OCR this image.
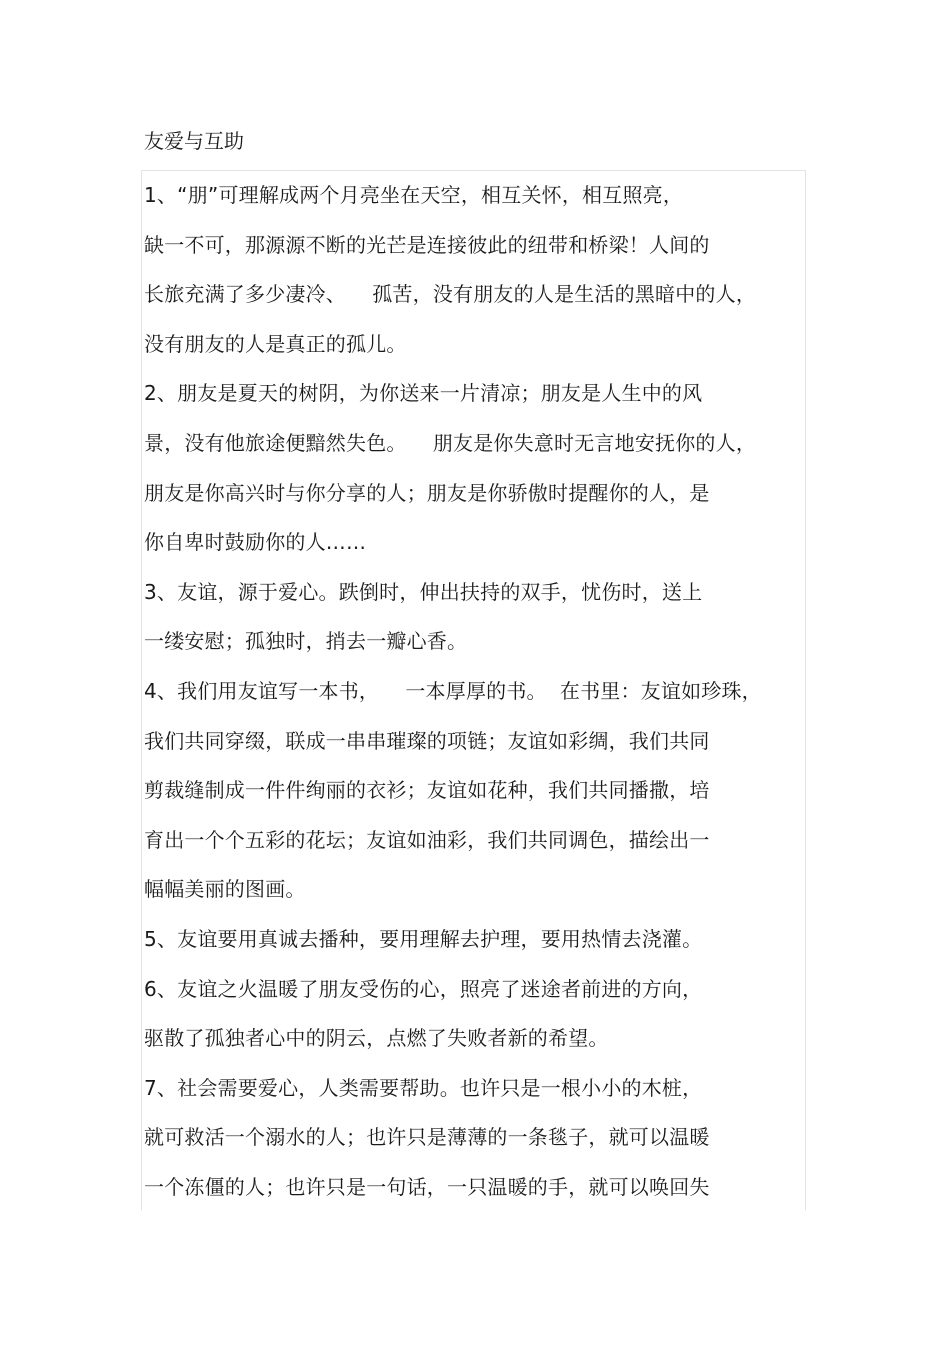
友爱与互助
1、“朋”可理解成两个月亮坐在天空，相互关怀，相互照亮，
缺一不可，那源源不断的光芒是连接彼此的纽带和桥梁！人间的
长旅充满了多少凄冷、    孤苦，没有朋友的人是生活的黑暗中的人，
没有朋友的人是真正的孤儿。
2、朋友是夏天的树阴，为你送来一片清凉；朋友是人生中的风
景，没有他旅途便黯然失色。    朋友是你失意时无言地安抚你的人，
朋友是你高兴时与你分享的人；朋友是你骄傲时提醒你的人，是
你自卑时鼓励你的人……
3、友谊，源于爱心。跌倒时，伸出扶持的双手，忧伤时，送上
一缕安慰；孤独时，捎去一瓣心香。
4、我们用友谊写一本书，    一本厚厚的书。  在书里：友谊如珍珠，
我们共同穿缀，联成一串串璀璨的项链；友谊如彩绸，我们共同
剪裁缝制成一件件绚丽的衣衫；友谊如花种，我们共同播撒，培
育出一个个五彩的花坛；友谊如油彩，我们共同调色，描绘出一
幅幅美丽的图画。
5、友谊要用真诚去播种，要用理解去护理，要用热情去浇灌。
6、友谊之火温暖了朋友受伤的心，照亮了迷途者前进的方向，
驱散了孤独者心中的阴云，点燃了失败者新的希望。
7、社会需要爱心，人类需要帮助。也许只是一根小小的木桩，
就可救活一个溺水的人；也许只是薄薄的一条毯子，就可以温暖
一个冻僵的人；也许只是一句话，一只温暖的手，就可以唤回失
